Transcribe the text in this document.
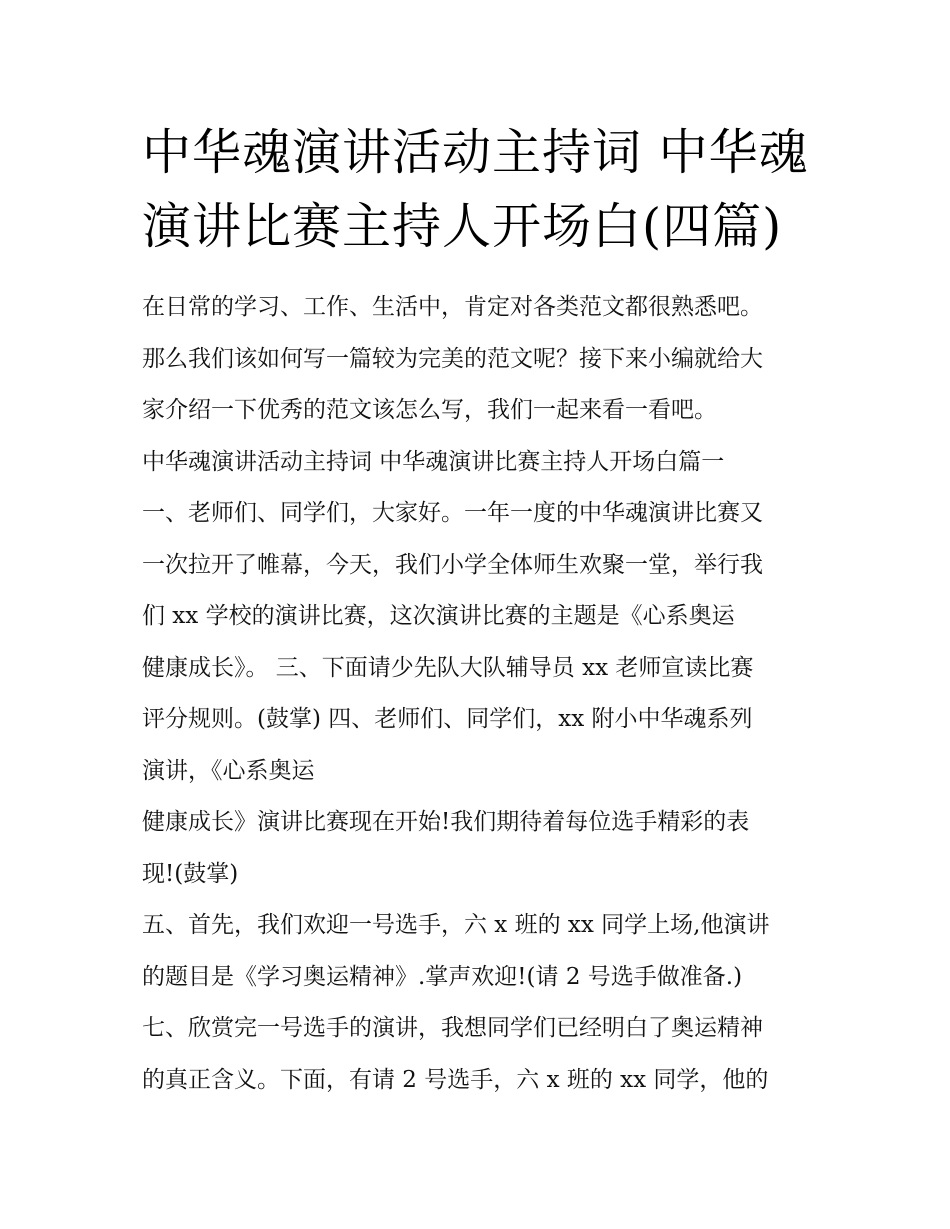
中华魂演讲活动主持词 中华魂
演讲比赛主持人开场白(四篇)
在日常的学习、工作、生活中，肯定对各类范文都很熟悉吧。
那么我们该如何写一篇较为完美的范文呢？接下来小编就给大
家介绍一下优秀的范文该怎么写，我们一起来看一看吧。
中华魂演讲活动主持词 中华魂演讲比赛主持人开场白篇一
一、老师们、同学们，大家好。一年一度的中华魂演讲比赛又
一次拉开了帷幕，今天，我们小学全体师生欢聚一堂，举行我
们 xx 学校的演讲比赛，这次演讲比赛的主题是《心系奥运
健康成长》。 三、下面请少先队大队辅导员 xx 老师宣读比赛
评分规则。(鼓掌) 四、老师们、同学们，xx 附小中华魂系列
演讲，《心系奥运
健康成长》演讲比赛现在开始!我们期待着每位选手精彩的表
现!(鼓掌)
五、首先，我们欢迎一号选手，六 x 班的 xx 同学上场,他演讲
的题目是《学习奥运精神》.掌声欢迎!(请 2 号选手做准备.)
七、欣赏完一号选手的演讲，我想同学们已经明白了奥运精神
的真正含义。下面，有请 2 号选手，六 x 班的 xx 同学，他的
